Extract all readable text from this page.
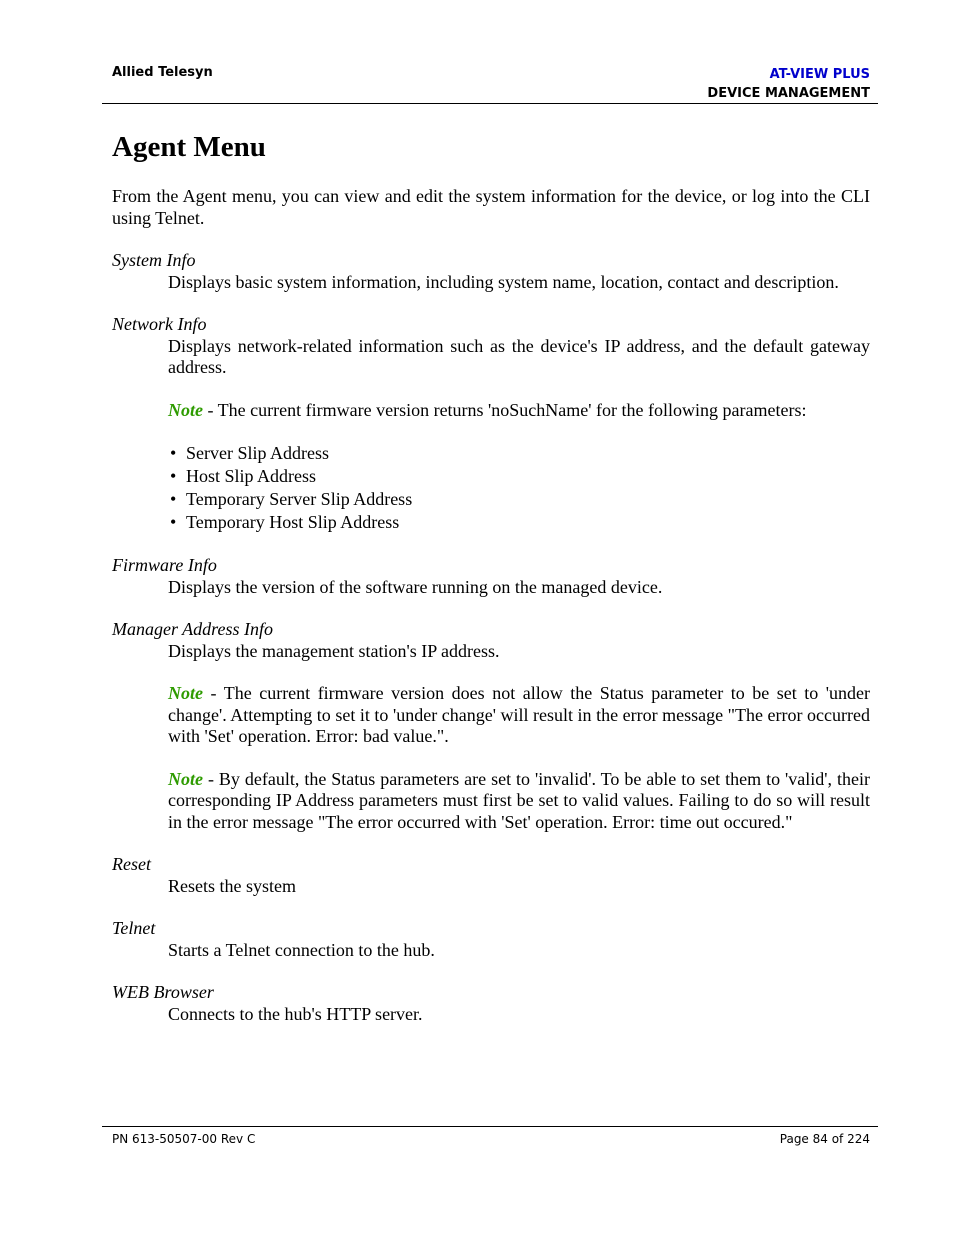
Allied Telesyn	AT-VIEW PLUS
DEVICE MANAGEMENT
Agent Menu

From the Agent menu, you can view and edit the system information for the device, or log into the CLI using Telnet.

System Info

Displays basic system information, including system name, location, contact and description.

Network Info

Displays network-related information such as the device's IP address, and the default gateway address.

Note - The current firmware version returns 'noSuchName' for the following parameters:

• Server Slip Address
• Host Slip Address
• Temporary Server Slip Address
• Temporary Host Slip Address
Firmware Info

Displays the version of the software running on the managed device.

Manager Address Info

Displays the management station's IP address.

Note - The current firmware version does not allow the Status parameter to be set to 'under change'. Attempting to set it to 'under change' will result in the error message "The error occurred with 'Set' operation. Error: bad value.".

Note - By default, the Status parameters are set to 'invalid'. To be able to set them to 'valid', their corresponding IP Address parameters must first be set to valid values. Failing to do so will result in the error message "The error occurred with 'Set' operation. Error: time out occured."

Reset

Resets the system

Telnet

Starts a Telnet connection to the hub.

WEB Browser

Connects to the hub's HTTP server.

PN 613-50507-00 Rev C	Page 84 of 224
